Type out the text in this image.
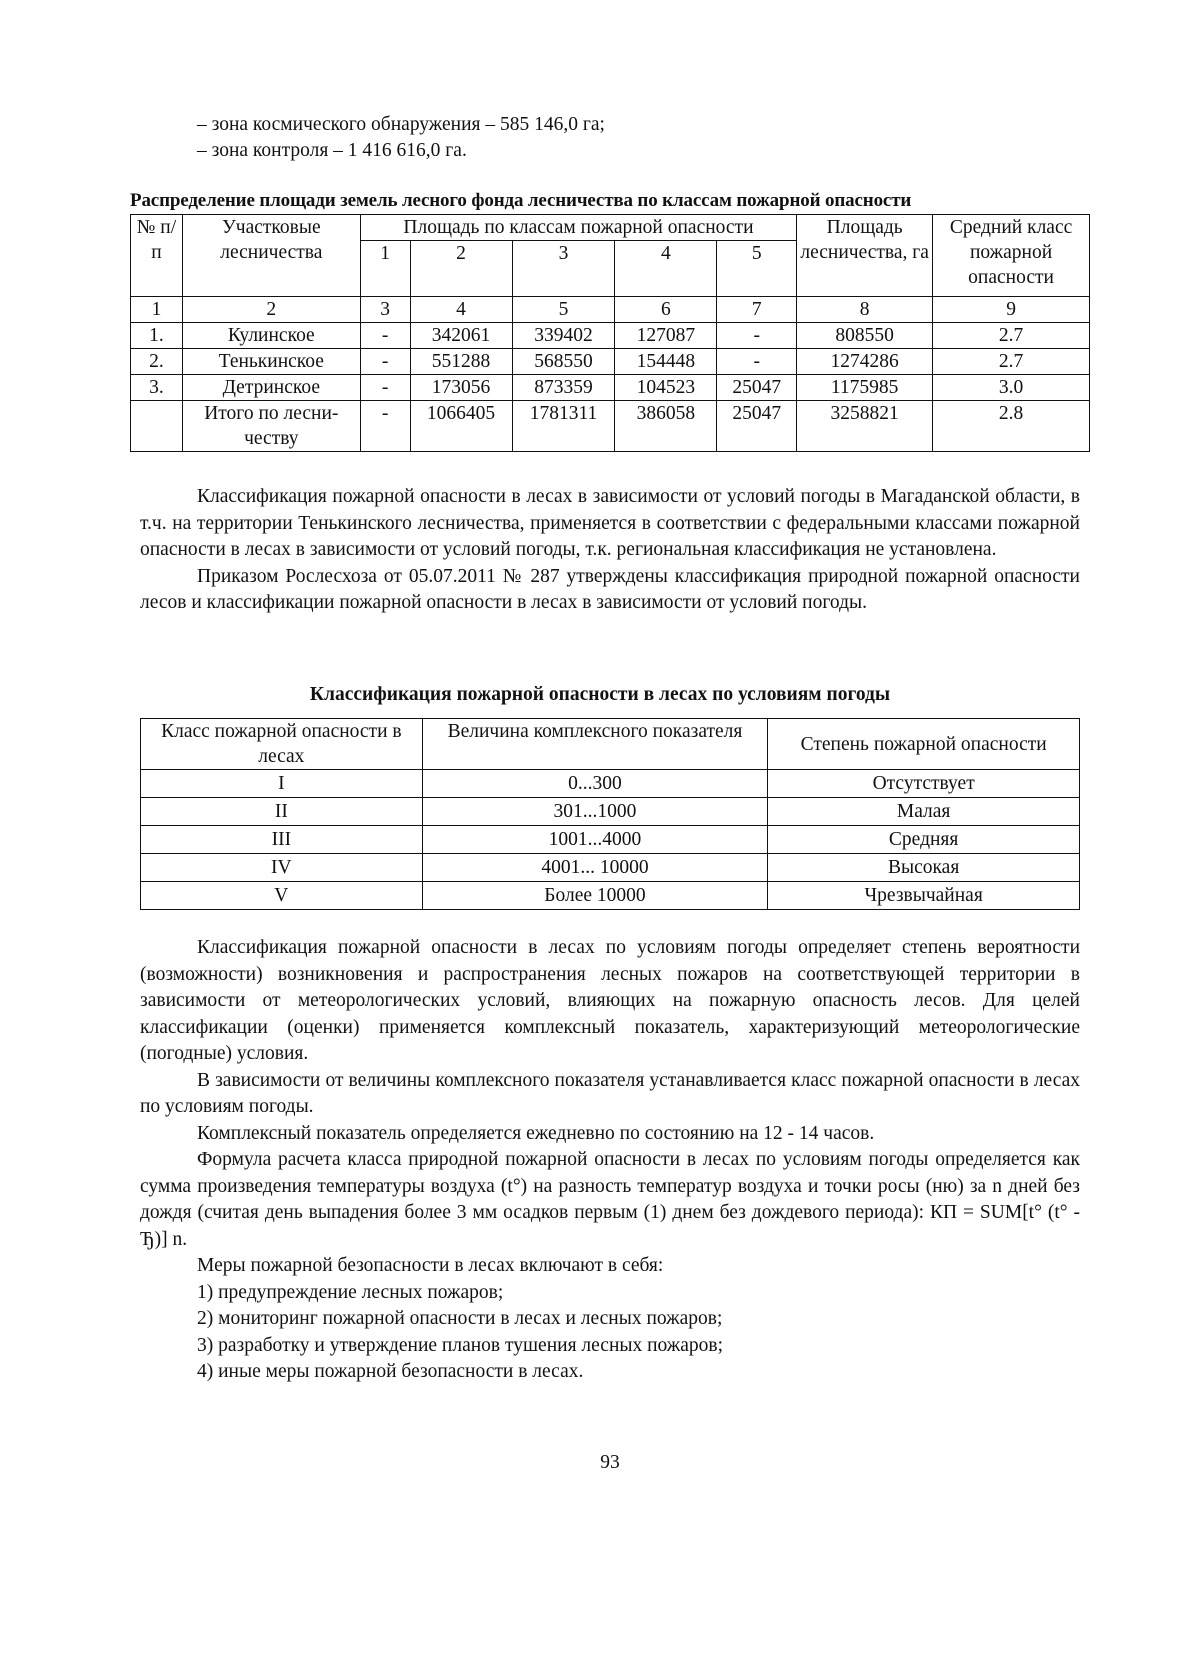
– зона космического обнаружения – 585 146,0 га;
– зона контроля – 1 416 616,0 га.
Распределение площади земель лесного фонда лесничества по классам пожарной опасности
№ п/п	Участковые лесничества	Площадь по классам пожарной опасности					Площадь лесничества, га	Средний класс пожарной опасности
		1	2	3	4	5		
1	2	3	4	5	6	7	8	9
1.	Кулинское	-	342061	339402	127087	-	808550	2.7
2.	Тенькинское	-	551288	568550	154448	-	1274286	2.7
3.	Детринское	-	173056	873359	104523	25047	1175985	3.0
	Итого по лесни-честву	-	1066405	1781311	386058	25047	3258821	2.8

Классификация пожарной опасности в лесах в зависимости от условий погоды в Магаданской области, в т.ч. на территории Тенькинского лесничества, применяется в соответствии с федеральными классами пожарной опасности в лесах в зависимости от условий погоды, т.к. региональная классификация не установлена.

Приказом Рослесхоза от 05.07.2011 № 287 утверждены классификация природной пожарной опасности лесов и классификации пожарной опасности в лесах в зависимости от условий погоды.

Классификация пожарной опасности в лесах по условиям погоды
Класс пожарной опасности в лесах	Величина комплексного показателя	Степень пожарной опасности
I	0...300	Отсутствует
II	301...1000	Малая
III	1001...4000	Средняя
IV	4001... 10000	Высокая
V	Более 10000	Чрезвычайная

Классификация пожарной опасности в лесах по условиям погоды определяет степень вероятности (возможности) возникновения и распространения лесных пожаров на соответствующей территории в зависимости от метеорологических условий, влияющих на пожарную опасность лесов. Для целей классификации (оценки) применяется комплексный показатель, характеризующий метеорологические (погодные) условия.

В зависимости от величины комплексного показателя устанавливается класс пожарной опасности в лесах по условиям погоды.

Комплексный показатель определяется ежедневно по состоянию на 12 - 14 часов.

Формула расчета класса природной пожарной опасности в лесах по условиям погоды определяется как сумма произведения температуры воздуха (t°) на разность температур воздуха и точки росы (ню) за n дней без дождя (считая день выпадения более 3 мм осадков первым (1) днем без дождевого периода): КП = SUM[t° (t° - Ђ)] n.

Меры пожарной безопасности в лесах включают в себя:

1) предупреждение лесных пожаров;

2) мониторинг пожарной опасности в лесах и лесных пожаров;

3) разработку и утверждение планов тушения лесных пожаров;

4) иные меры пожарной безопасности в лесах.

93
